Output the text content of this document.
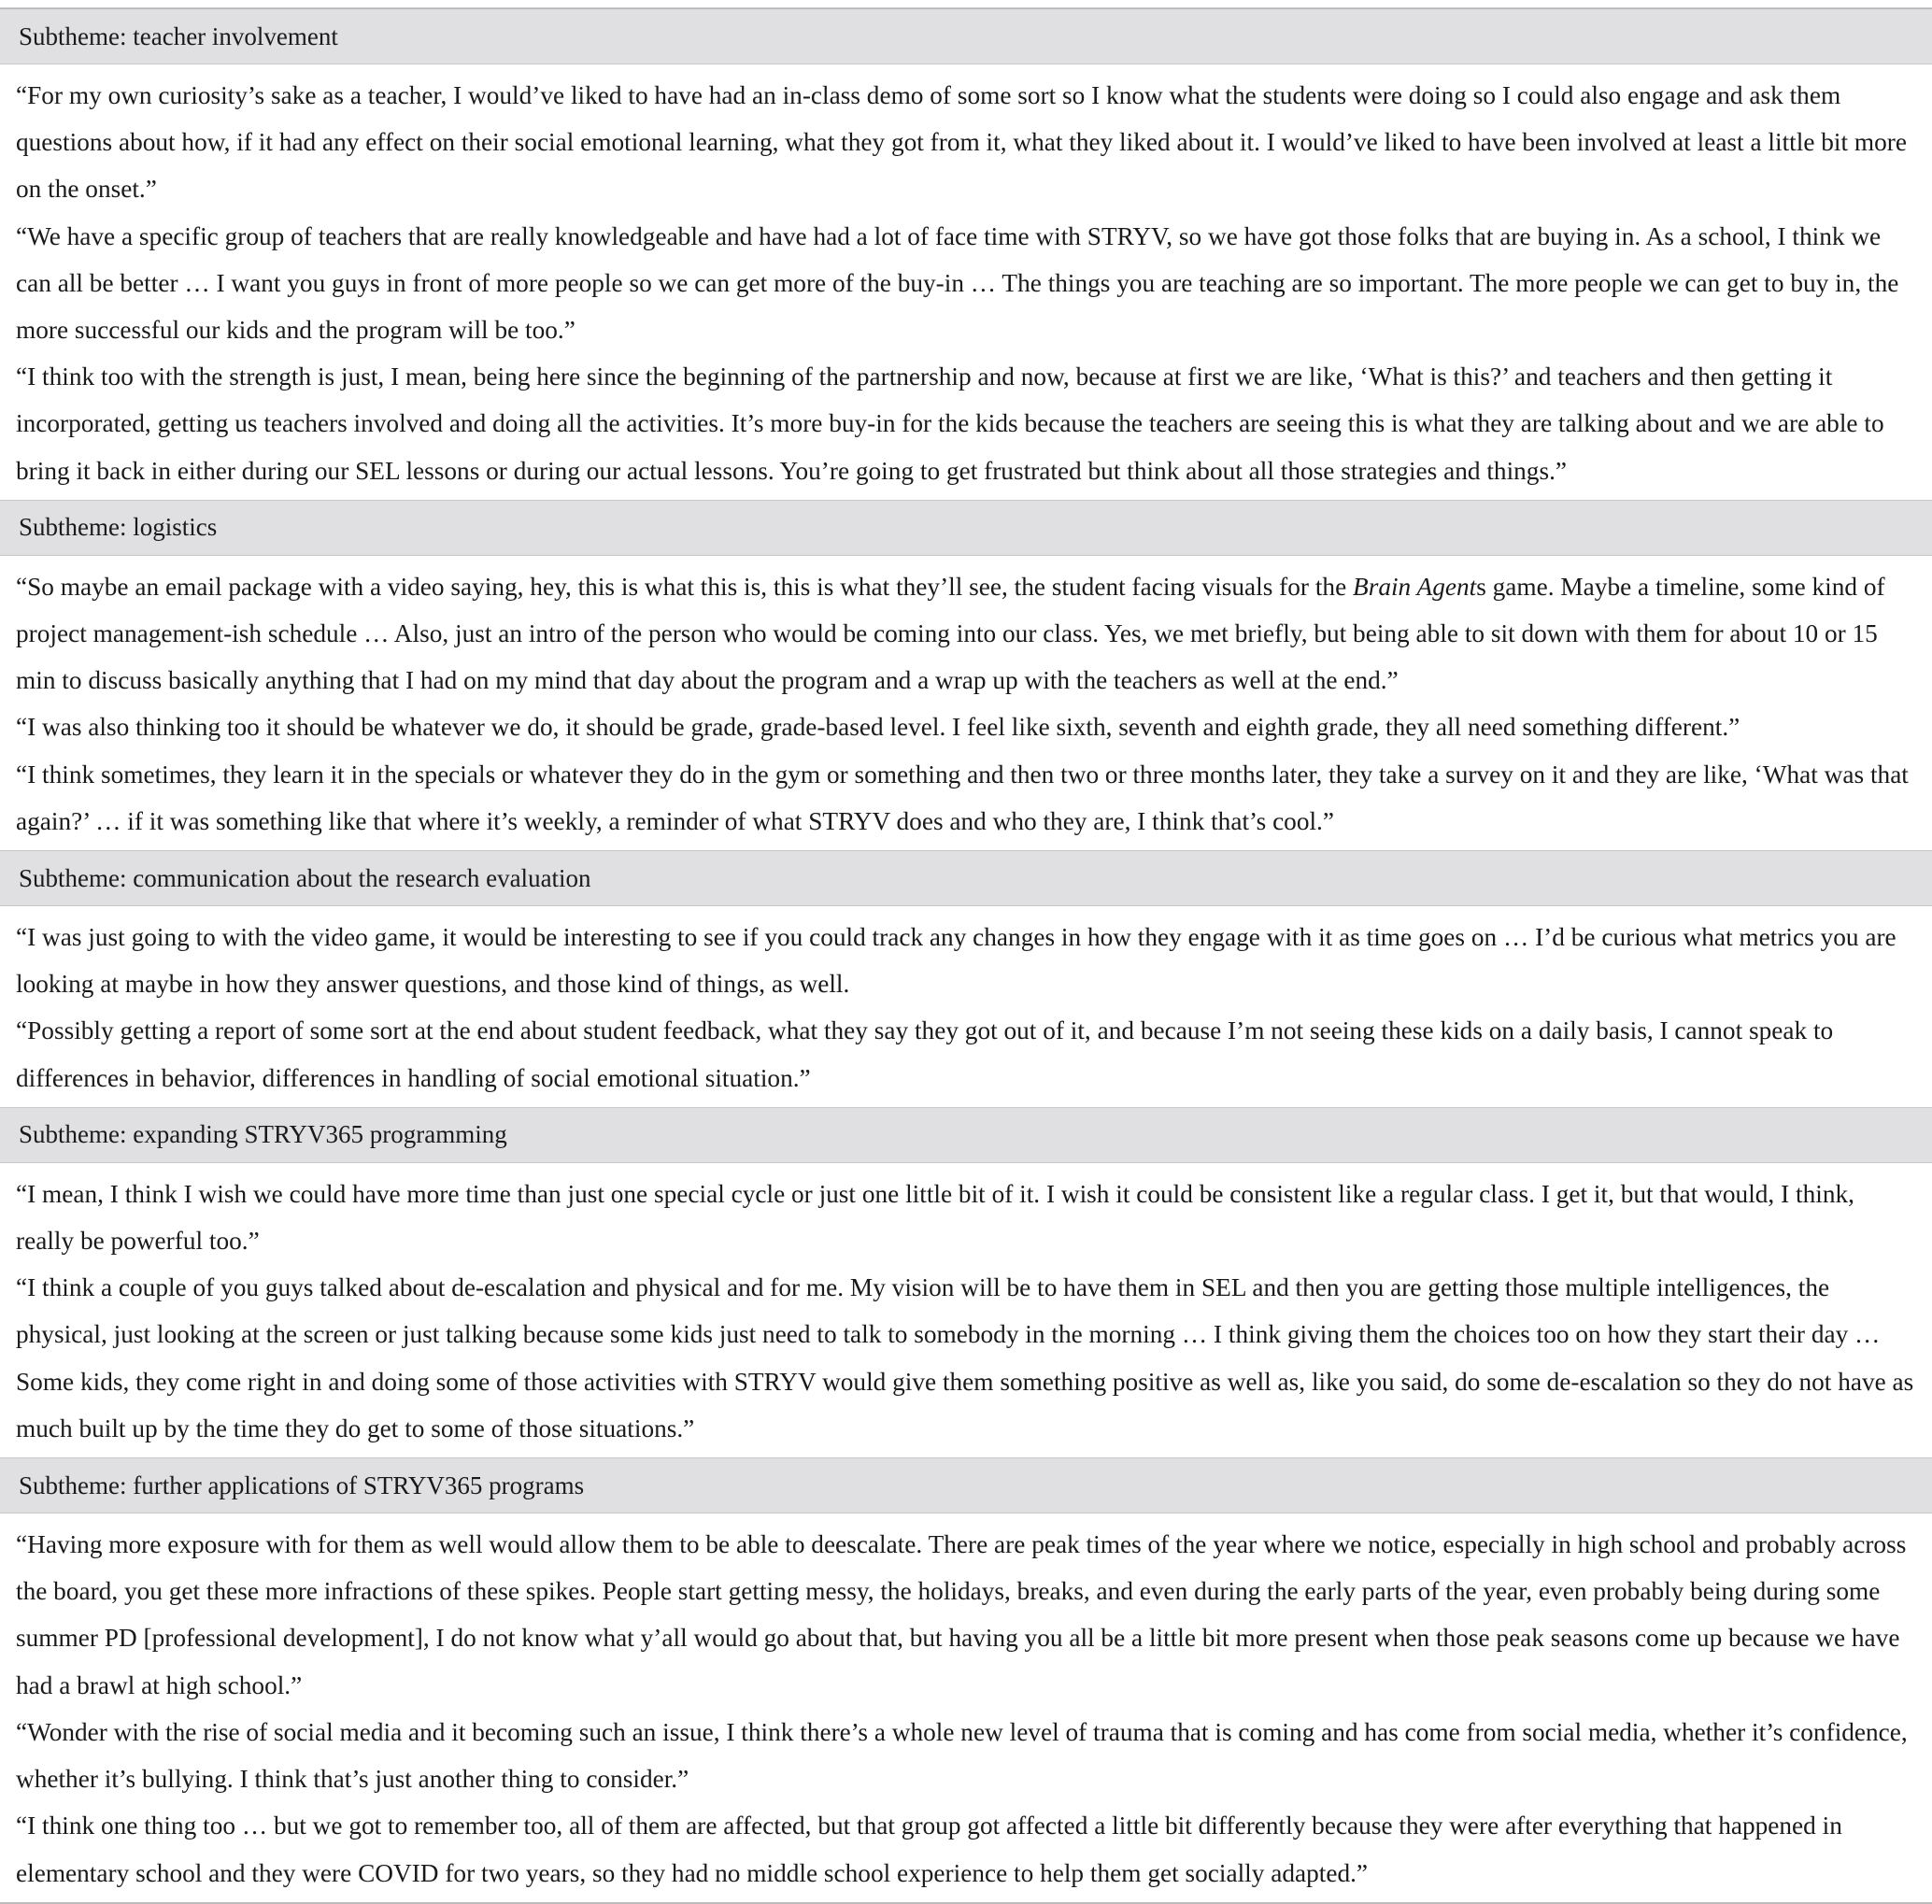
Subtheme: teacher involvement

“For my own curiosity’s sake as a teacher, I would’ve liked to have had an in-class demo of some sort so I know what the students were doing so I could also engage and ask them questions about how, if it had any effect on their social emotional learning, what they got from it, what they liked about it. I would’ve liked to have been involved at least a little bit more on the onset.”

“We have a specific group of teachers that are really knowledgeable and have had a lot of face time with STRYV, so we have got those folks that are buying in. As a school, I think we can all be better … I want you guys in front of more people so we can get more of the buy-in … The things you are teaching are so important. The more people we can get to buy in, the more successful our kids and the program will be too.”

“I think too with the strength is just, I mean, being here since the beginning of the partnership and now, because at first we are like, ‘What is this?’ and teachers and then getting it incorporated, getting us teachers involved and doing all the activities. It’s more buy-in for the kids because the teachers are seeing this is what they are talking about and we are able to bring it back in either during our SEL lessons or during our actual lessons. You’re going to get frustrated but think about all those strategies and things.”

Subtheme: logistics

“So maybe an email package with a video saying, hey, this is what this is, this is what they’ll see, the student facing visuals for the Brain Agents game. Maybe a timeline, some kind of project management-ish schedule … Also, just an intro of the person who would be coming into our class. Yes, we met briefly, but being able to sit down with them for about 10 or 15 min to discuss basically anything that I had on my mind that day about the program and a wrap up with the teachers as well at the end.”

“I was also thinking too it should be whatever we do, it should be grade, grade-based level. I feel like sixth, seventh and eighth grade, they all need something different.”

“I think sometimes, they learn it in the specials or whatever they do in the gym or something and then two or three months later, they take a survey on it and they are like, ‘What was that again?’ … if it was something like that where it’s weekly, a reminder of what STRYV does and who they are, I think that’s cool.”

Subtheme: communication about the research evaluation

“I was just going to with the video game, it would be interesting to see if you could track any changes in how they engage with it as time goes on … I’d be curious what metrics you are looking at maybe in how they answer questions, and those kind of things, as well.

“Possibly getting a report of some sort at the end about student feedback, what they say they got out of it, and because I’m not seeing these kids on a daily basis, I cannot speak to differences in behavior, differences in handling of social emotional situation.”

Subtheme: expanding STRYV365 programming

“I mean, I think I wish we could have more time than just one special cycle or just one little bit of it. I wish it could be consistent like a regular class. I get it, but that would, I think, really be powerful too.”

“I think a couple of you guys talked about de-escalation and physical and for me. My vision will be to have them in SEL and then you are getting those multiple intelligences, the physical, just looking at the screen or just talking because some kids just need to talk to somebody in the morning … I think giving them the choices too on how they start their day … Some kids, they come right in and doing some of those activities with STRYV would give them something positive as well as, like you said, do some de-escalation so they do not have as much built up by the time they do get to some of those situations.”

Subtheme: further applications of STRYV365 programs

“Having more exposure with for them as well would allow them to be able to deescalate. There are peak times of the year where we notice, especially in high school and probably across the board, you get these more infractions of these spikes. People start getting messy, the holidays, breaks, and even during the early parts of the year, even probably being during some summer PD [professional development], I do not know what y’all would go about that, but having you all be a little bit more present when those peak seasons come up because we have had a brawl at high school.”

“Wonder with the rise of social media and it becoming such an issue, I think there’s a whole new level of trauma that is coming and has come from social media, whether it’s confidence, whether it’s bullying. I think that’s just another thing to consider.”

“I think one thing too … but we got to remember too, all of them are affected, but that group got affected a little bit differently because they were after everything that happened in elementary school and they were COVID for two years, so they had no middle school experience to help them get socially adapted.”
